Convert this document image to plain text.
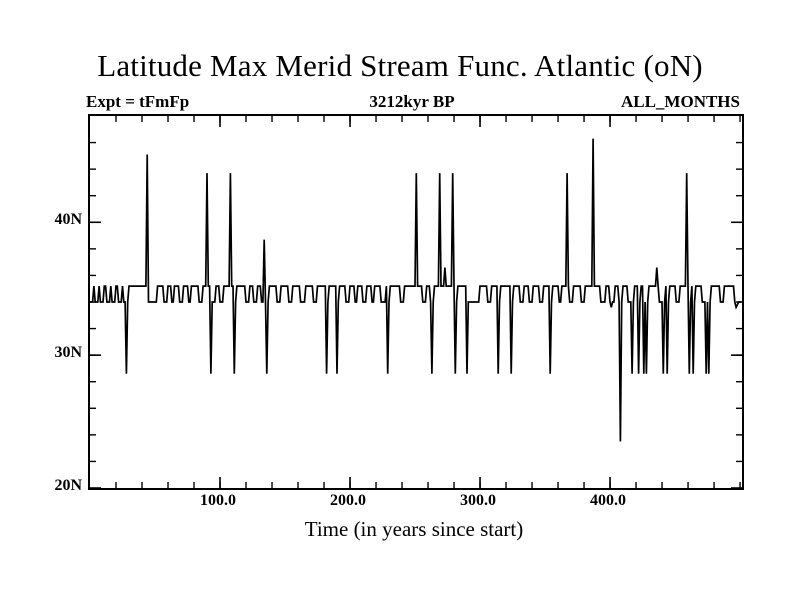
Latitude Max Merid Stream Func. Atlantic (oN)
Expt = tFmFp	3212kyr BP	ALL_MONTHS
100.0	200.0	300.0	400.0
20N
30N
40N
Time (in years since start)
